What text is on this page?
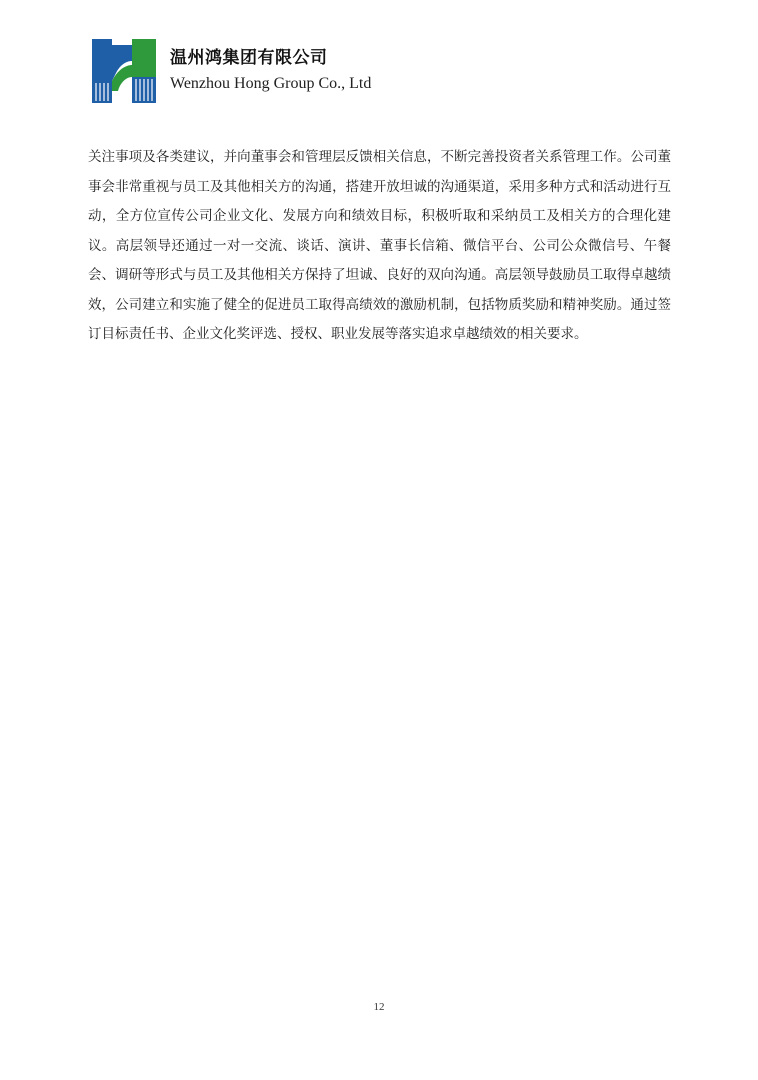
温州鸿集团有限公司
Wenzhou Hong Group Co., Ltd

关注事项及各类建议，并向董事会和管理层反馈相关信息，不断完善投资者关系管理工作。公司董事会非常重视与员工及其他相关方的沟通，搭建开放坦诚的沟通渠道，采用多种方式和活动进行互动，全方位宣传公司企业文化、发展方向和绩效目标，积极听取和采纳员工及相关方的合理化建议。高层领导还通过一对一交流、谈话、演讲、董事长信箱、微信平台、公司公众微信号、午餐会、调研等形式与员工及其他相关方保持了坦诚、良好的双向沟通。高层领导鼓励员工取得卓越绩效，公司建立和实施了健全的促进员工取得高绩效的激励机制，包括物质奖励和精神奖励。通过签订目标责任书、企业文化奖评选、授权、职业发展等落实追求卓越绩效的相关要求。

12
